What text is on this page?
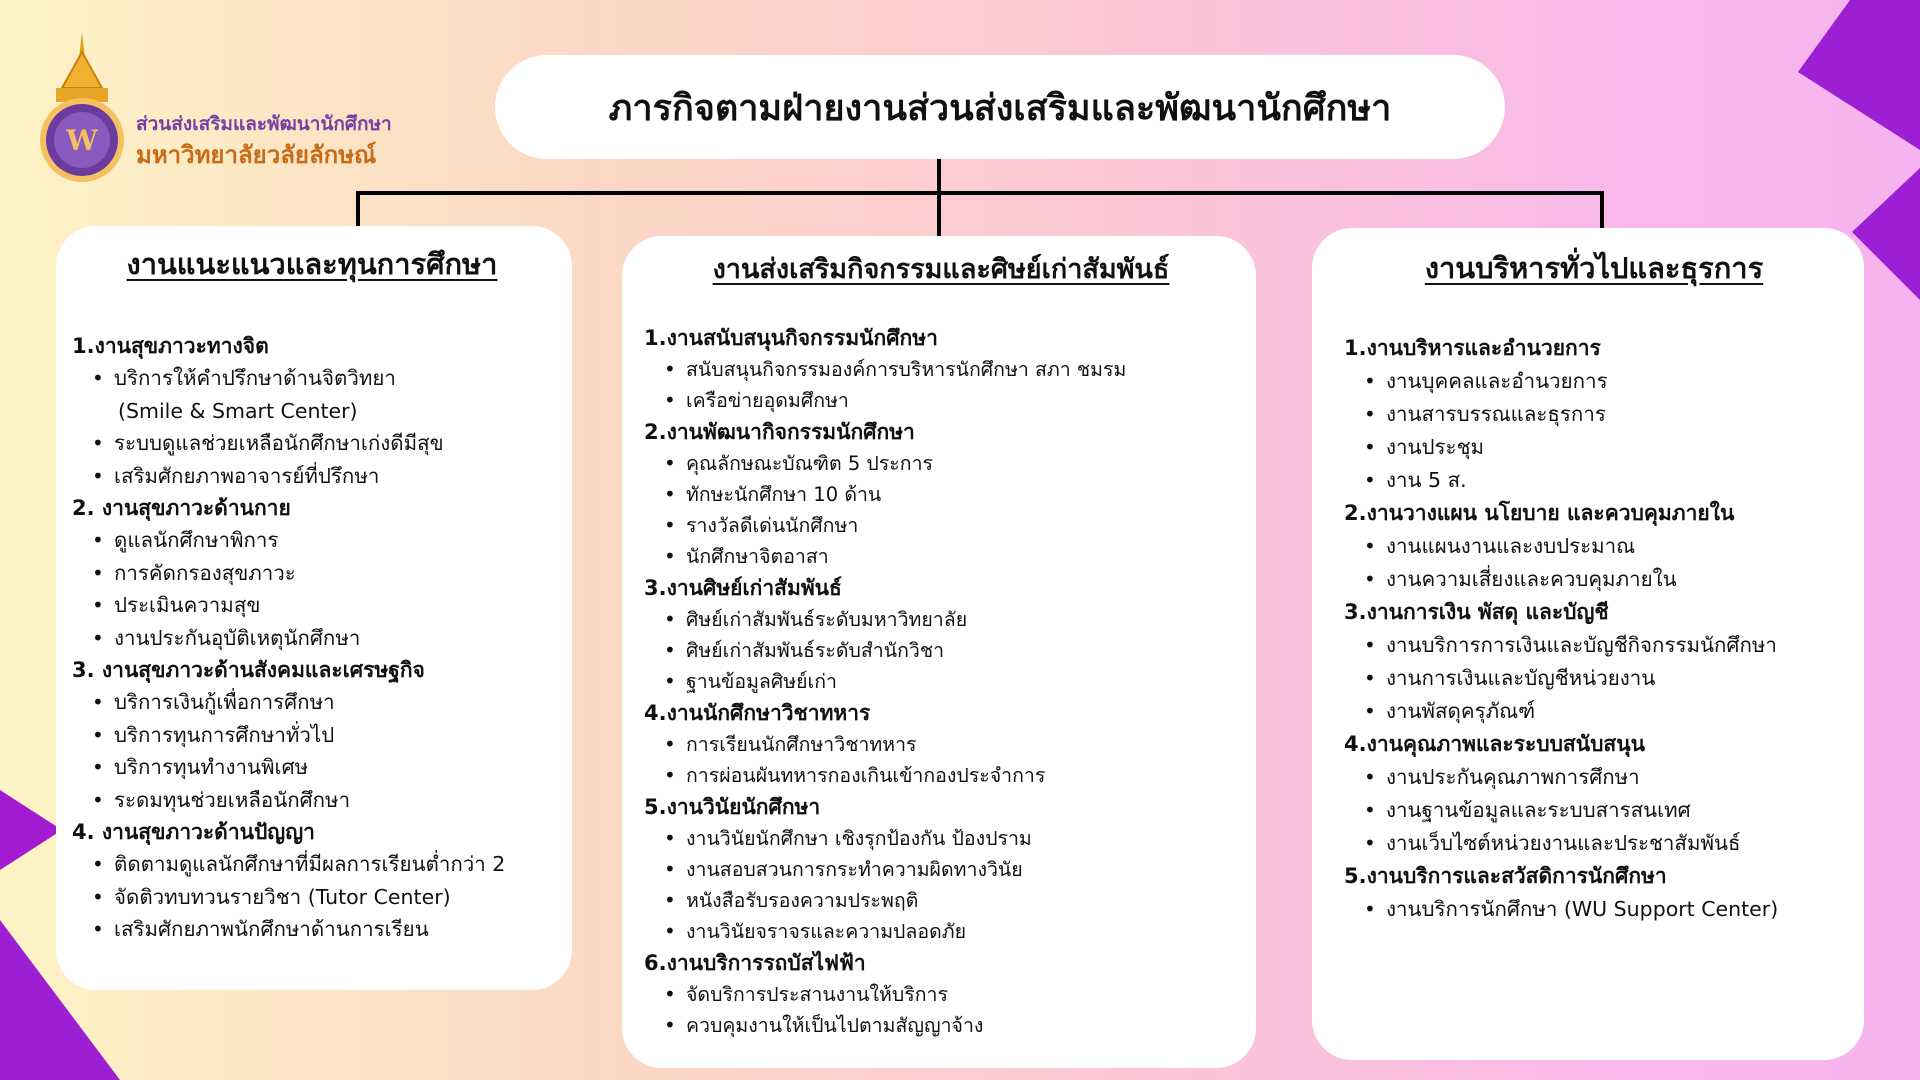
W ส่วนส่งเสริมและพัฒนานักศึกษา
มหาวิทยาลัยวลัยลักษณ์
ภารกิจตามฝ่ายงานส่วนส่งเสริมและพัฒนานักศึกษา
งานแนะแนวและทุนการศึกษา
1.งานสุขภาวะทางจิต
• บริการให้คำปรึกษาด้านจิตวิทยา
(Smile & Smart Center)
• ระบบดูแลช่วยเหลือนักศึกษาเก่งดีมีสุข
• เสริมศักยภาพอาจารย์ที่ปรึกษา
2. งานสุขภาวะด้านกาย
• ดูแลนักศึกษาพิการ
• การคัดกรองสุขภาวะ
• ประเมินความสุข
• งานประกันอุบัติเหตุนักศึกษา
3. งานสุขภาวะด้านสังคมและเศรษฐกิจ
• บริการเงินกู้เพื่อการศึกษา
• บริการทุนการศึกษาทั่วไป
• บริการทุนทำงานพิเศษ
• ระดมทุนช่วยเหลือนักศึกษา
4. งานสุขภาวะด้านปัญญา
• ติดตามดูแลนักศึกษาที่มีผลการเรียนต่ำกว่า 2
• จัดติวทบทวนรายวิชา (Tutor Center)
• เสริมศักยภาพนักศึกษาด้านการเรียน
งานส่งเสริมกิจกรรมและศิษย์เก่าสัมพันธ์
1.งานสนับสนุนกิจกรรมนักศึกษา
• สนับสนุนกิจกรรมองค์การบริหารนักศึกษา สภา ชมรม
• เครือข่ายอุดมศึกษา
2.งานพัฒนากิจกรรมนักศึกษา
• คุณลักษณะบัณฑิต 5 ประการ
• ทักษะนักศึกษา 10 ด้าน
• รางวัลดีเด่นนักศึกษา
• นักศึกษาจิตอาสา
3.งานศิษย์เก่าสัมพันธ์
• ศิษย์เก่าสัมพันธ์ระดับมหาวิทยาลัย
• ศิษย์เก่าสัมพันธ์ระดับสำนักวิชา
• ฐานข้อมูลศิษย์เก่า
4.งานนักศึกษาวิชาทหาร
• การเรียนนักศึกษาวิชาทหาร
• การผ่อนผันทหารกองเกินเข้ากองประจำการ
5.งานวินัยนักศึกษา
• งานวินัยนักศึกษา เชิงรุกป้องกัน ป้องปราม
• งานสอบสวนการกระทำความผิดทางวินัย
• หนังสือรับรองความประพฤติ
• งานวินัยจราจรและความปลอดภัย
6.งานบริการรถบัสไฟฟ้า
• จัดบริการประสานงานให้บริการ
• ควบคุมงานให้เป็นไปตามสัญญาจ้าง
งานบริหารทั่วไปและธุรการ
1.งานบริหารและอำนวยการ
• งานบุคคลและอำนวยการ
• งานสารบรรณและธุรการ
• งานประชุม
• งาน 5 ส.
2.งานวางแผน นโยบาย และควบคุมภายใน
• งานแผนงานและงบประมาณ
• งานความเสี่ยงและควบคุมภายใน
3.งานการเงิน พัสดุ และบัญชี
• งานบริการการเงินและบัญชีกิจกรรมนักศึกษา
• งานการเงินและบัญชีหน่วยงาน
• งานพัสดุครุภัณฑ์
4.งานคุณภาพและระบบสนับสนุน
• งานประกันคุณภาพการศึกษา
• งานฐานข้อมูลและระบบสารสนเทศ
• งานเว็บไซต์หน่วยงานและประชาสัมพันธ์
5.งานบริการและสวัสดิการนักศึกษา
• งานบริการนักศึกษา (WU Support Center)
